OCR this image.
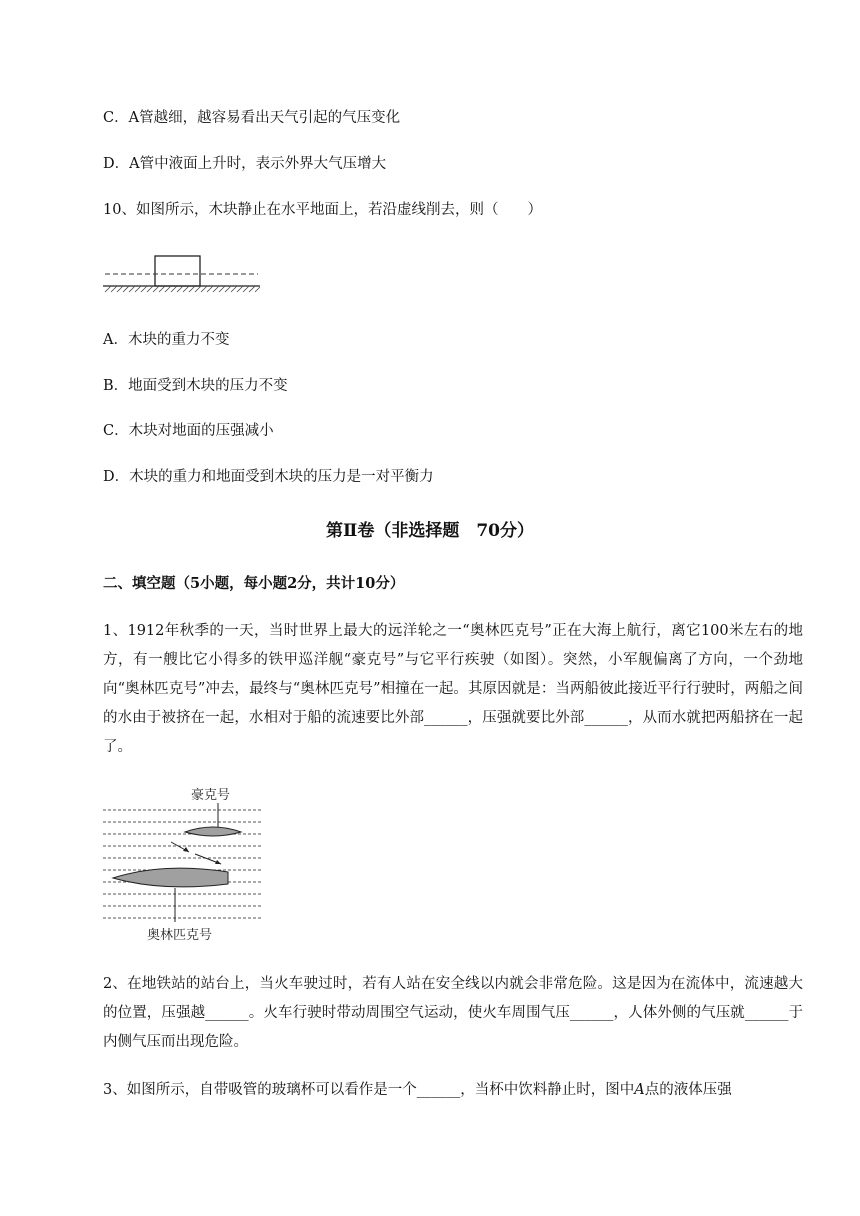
C．A管越细，越容易看出天气引起的气压变化

D．A管中液面上升时，表示外界大气压增大

10、如图所示，木块静止在水平地面上，若沿虚线削去，则（　　）

A．木块的重力不变

B．地面受到木块的压力不变

C．木块对地面的压强减小

D．木块的重力和地面受到木块的压力是一对平衡力

第Ⅱ卷（非选择题　70分）

二、填空题（5小题，每小题2分，共计10分）

1、1912年秋季的一天，当时世界上最大的远洋轮之一“奥林匹克号”正在大海上航行，离它100米左右的地方，有一艘比它小得多的铁甲巡洋舰“豪克号”与它平行疾驶（如图）。突然，小军舰偏离了方向，一个劲地向“奥林匹克号”冲去，最终与“奥林匹克号”相撞在一起。其原因就是：当两船彼此接近平行行驶时，两船之间的水由于被挤在一起，水相对于船的流速要比外部______，压强就要比外部______，从而水就把两船挤在一起了。

豪克号
奥林匹克号

2、在地铁站的站台上，当火车驶过时，若有人站在安全线以内就会非常危险。这是因为在流体中，流速越大的位置，压强越______。火车行驶时带动周围空气运动，使火车周围气压______，人体外侧的气压就______于内侧气压而出现危险。

3、如图所示，自带吸管的玻璃杯可以看作是一个______，当杯中饮料静止时，图中A点的液体压强
